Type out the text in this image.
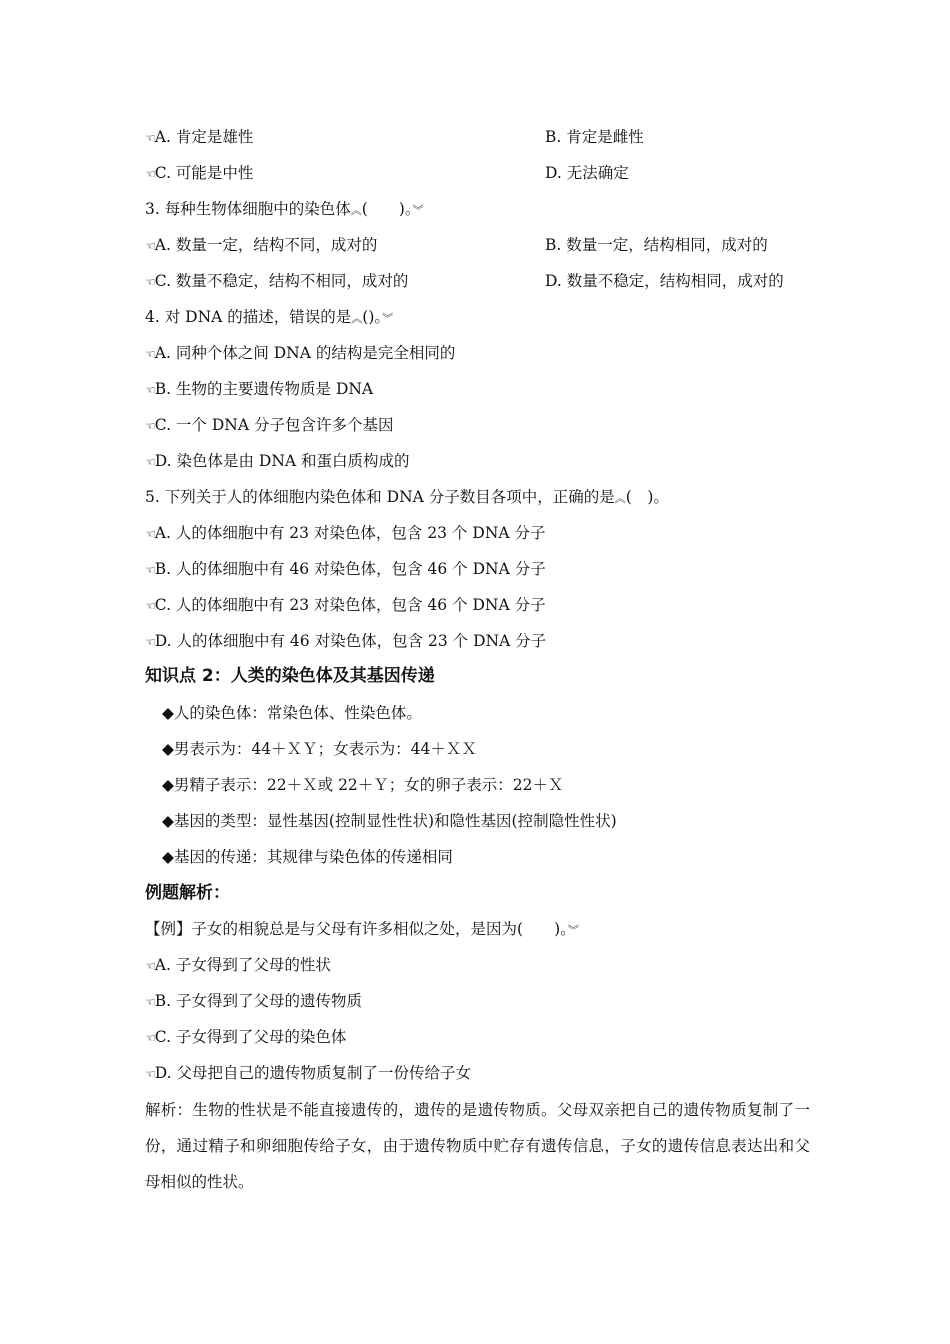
☜A. 肯定是雄性	B. 肯定是雌性
☜C. 可能是中性	D. 无法确定
3. 每种生物体细胞中的染色体︽(　　)。︾
☜A. 数量一定，结构不同，成对的	B. 数量一定，结构相同，成对的
☜C. 数量不稳定，结构不相同，成对的	D. 数量不稳定，结构相同，成对的
4. 对 DNA 的描述，错误的是︽()。︾
☜A. 同种个体之间 DNA 的结构是完全相同的
☜B. 生物的主要遗传物质是 DNA
☜C. 一个 DNA 分子包含许多个基因
☜D. 染色体是由 DNA 和蛋白质构成的
5. 下列关于人的体细胞内染色体和 DNA 分子数目各项中，正确的是︽(　)。
☜A. 人的体细胞中有 23 对染色体，包含 23 个 DNA 分子
☜B. 人的体细胞中有 46 对染色体，包含 46 个 DNA 分子
☜C. 人的体细胞中有 23 对染色体，包含 46 个 DNA 分子
☜D. 人的体细胞中有 46 对染色体，包含 23 个 DNA 分子
知识点 2：人类的染色体及其基因传递
◆人的染色体：常染色体、性染色体。
◆男表示为：44＋ＸＹ；女表示为：44＋ＸＸ
◆男精子表示：22＋Ｘ或 22＋Ｙ；女的卵子表示：22＋Ｘ
◆基因的类型：显性基因(控制显性性状)和隐性基因(控制隐性性状)
◆基因的传递：其规律与染色体的传递相同
例题解析：
【例】子女的相貌总是与父母有许多相似之处，是因为(　　)。︾
☜A. 子女得到了父母的性状
☜B. 子女得到了父母的遗传物质
☜C. 子女得到了父母的染色体
☜D. 父母把自己的遗传物质复制了一份传给子女
解析：生物的性状是不能直接遗传的，遗传的是遗传物质。父母双亲把自己的遗传物质复制了一份，通过精子和卵细胞传给子女，由于遗传物质中贮存有遗传信息，子女的遗传信息表达出和父母相似的性状。
